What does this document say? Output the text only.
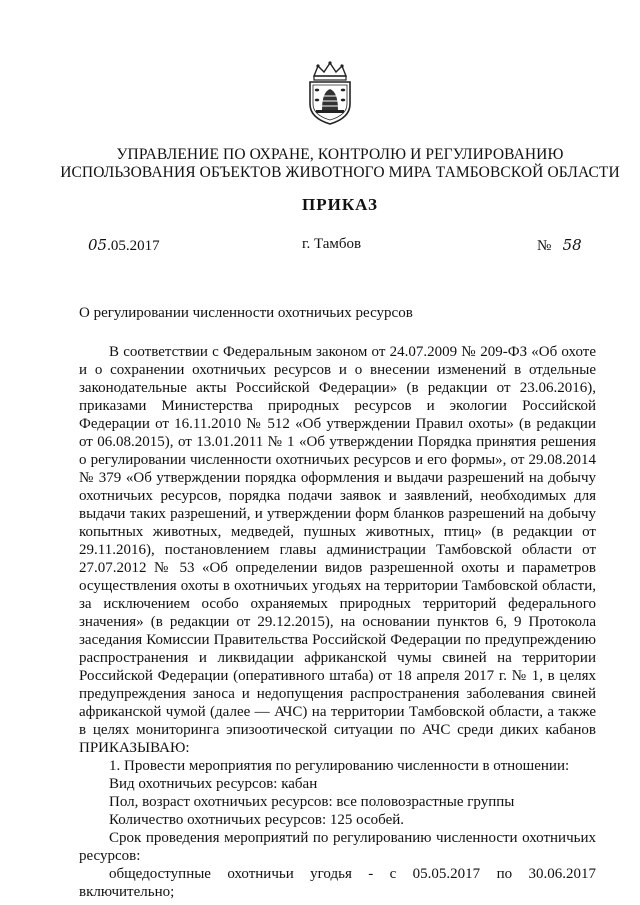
УПРАВЛЕНИЕ ПО ОХРАНЕ, КОНТРОЛЮ И РЕГУЛИРОВАНИЮ
ИСПОЛЬЗОВАНИЯ ОБЪЕКТОВ ЖИВОТНОГО МИРА ТАМБОВСКОЙ ОБЛАСТИ
ПРИКАЗ
05.05.2017	г. Тамбов	№ 58
О регулировании численности охотничьих ресурсов

В соответствии с Федеральным законом от 24.07.2009 № 209-ФЗ «Об охоте и о сохранении охотничьих ресурсов и о внесении изменений в отдельные законодательные акты Российской Федерации» (в редакции от 23.06.2016), приказами Министерства природных ресурсов и экологии Российской Федерации от 16.11.2010 № 512 «Об утверждении Правил охоты» (в редакции от 06.08.2015), от 13.01.2011 № 1 «Об утверждении Порядка принятия решения о регулировании численности охотничьих ресурсов и его формы», от 29.08.2014 № 379 «Об утверждении порядка оформления и выдачи разрешений на добычу охотничьих ресурсов, порядка подачи заявок и заявлений, необходимых для выдачи таких разрешений, и утверждении форм бланков разрешений на добычу копытных животных, медведей, пушных животных, птиц» (в редакции от 29.11.2016), постановлением главы администрации Тамбовской области от 27.07.2012 № 53 «Об определении видов разрешенной охоты и параметров осуществления охоты в охотничьих угодьях на территории Тамбовской области, за исключением особо охраняемых природных территорий федерального значения» (в редакции от 29.12.2015), на основании пунктов 6, 9 Протокола заседания Комиссии Правительства Российской Федерации по предупреждению распространения и ликвидации африканской чумы свиней на территории Российской Федерации (оперативного штаба) от 18 апреля 2017 г. № 1, в целях предупреждения заноса и недопущения распространения заболевания свиней африканской чумой (далее — АЧС) на территории Тамбовской области, а также в целях мониторинга эпизоотической ситуации по АЧС среди диких кабанов ПРИКАЗЫВАЮ:

1. Провести мероприятия по регулированию численности в отношении:

Вид охотничьих ресурсов: кабан

Пол, возраст охотничьих ресурсов: все половозрастные группы

Количество охотничьих ресурсов: 125 особей.

Срок проведения мероприятий по регулированию численности охотничьих ресурсов:

общедоступные охотничьи угодья - с 05.05.2017 по 30.06.2017 включительно;
